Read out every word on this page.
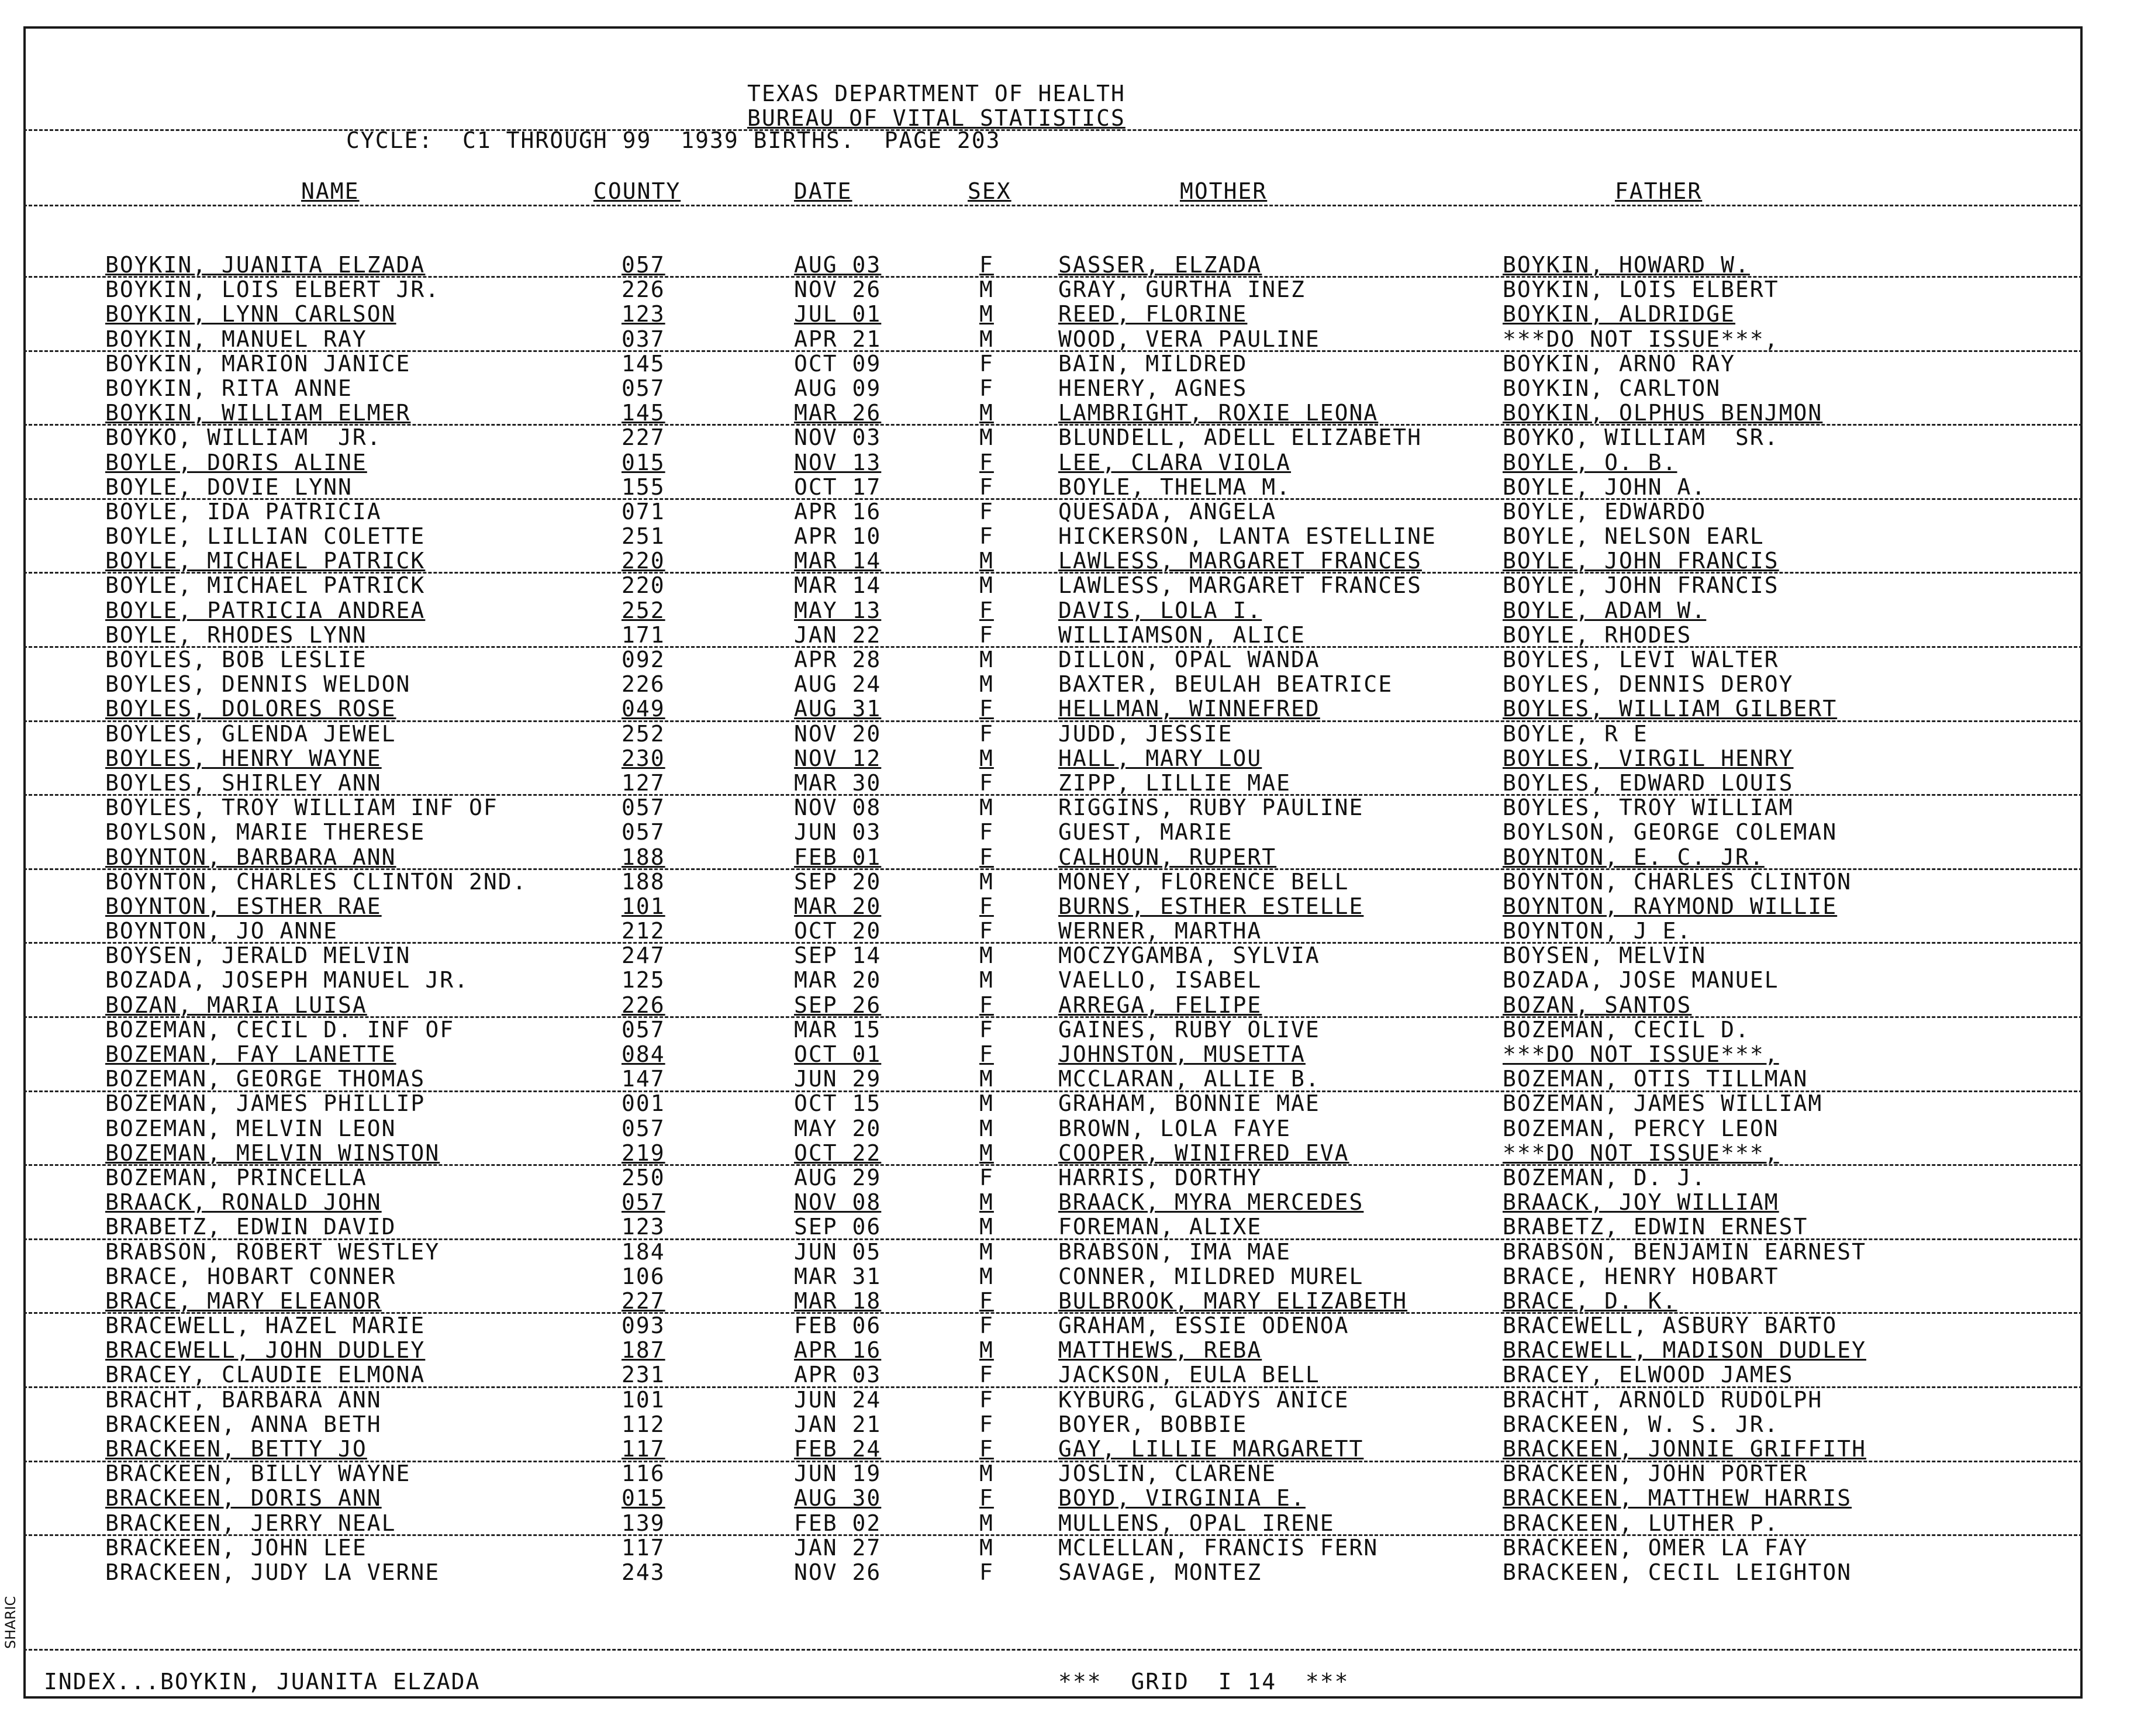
TEXAS DEPARTMENT OF HEALTH
BUREAU OF VITAL STATISTICS
CYCLE:  C1 THROUGH 99  1939 BIRTHS.  PAGE 203
NAME	COUNTY	DATE	SEX	MOTHER	FATHER
BOYKIN, JUANITA ELZADA	057	AUG 03	F	SASSER, ELZADA	BOYKIN, HOWARD W.
BOYKIN, LOIS ELBERT JR.	226	NOV 26	M	GRAY, GURTHA INEZ	BOYKIN, LOIS ELBERT
BOYKIN, LYNN CARLSON	123	JUL 01	M	REED, FLORINE	BOYKIN, ALDRIDGE
BOYKIN, MANUEL RAY	037	APR 21	M	WOOD, VERA PAULINE	***DO NOT ISSUE***,
BOYKIN, MARION JANICE	145	OCT 09	F	BAIN, MILDRED	BOYKIN, ARNO RAY
BOYKIN, RITA ANNE	057	AUG 09	F	HENERY, AGNES	BOYKIN, CARLTON
BOYKIN, WILLIAM ELMER	145	MAR 26	M	LAMBRIGHT, ROXIE LEONA	BOYKIN, OLPHUS BENJMON
BOYKO, WILLIAM  JR.	227	NOV 03	M	BLUNDELL, ADELL ELIZABETH	BOYKO, WILLIAM  SR.
BOYLE, DORIS ALINE	015	NOV 13	F	LEE, CLARA VIOLA	BOYLE, O. B.
BOYLE, DOVIE LYNN	155	OCT 17	F	BOYLE, THELMA M.	BOYLE, JOHN A.
BOYLE, IDA PATRICIA	071	APR 16	F	QUESADA, ANGELA	BOYLE, EDWARDO
BOYLE, LILLIAN COLETTE	251	APR 10	F	HICKERSON, LANTA ESTELLINE	BOYLE, NELSON EARL
BOYLE, MICHAEL PATRICK	220	MAR 14	M	LAWLESS, MARGARET FRANCES	BOYLE, JOHN FRANCIS
BOYLE, MICHAEL PATRICK	220	MAR 14	M	LAWLESS, MARGARET FRANCES	BOYLE, JOHN FRANCIS
BOYLE, PATRICIA ANDREA	252	MAY 13	F	DAVIS, LOLA I.	BOYLE, ADAM W.
BOYLE, RHODES LYNN	171	JAN 22	F	WILLIAMSON, ALICE	BOYLE, RHODES
BOYLES, BOB LESLIE	092	APR 28	M	DILLON, OPAL WANDA	BOYLES, LEVI WALTER
BOYLES, DENNIS WELDON	226	AUG 24	M	BAXTER, BEULAH BEATRICE	BOYLES, DENNIS DEROY
BOYLES, DOLORES ROSE	049	AUG 31	F	HELLMAN, WINNEFRED	BOYLES, WILLIAM GILBERT
BOYLES, GLENDA JEWEL	252	NOV 20	F	JUDD, JESSIE	BOYLE, R E
BOYLES, HENRY WAYNE	230	NOV 12	M	HALL, MARY LOU	BOYLES, VIRGIL HENRY
BOYLES, SHIRLEY ANN	127	MAR 30	F	ZIPP, LILLIE MAE	BOYLES, EDWARD LOUIS
BOYLES, TROY WILLIAM INF OF	057	NOV 08	M	RIGGINS, RUBY PAULINE	BOYLES, TROY WILLIAM
BOYLSON, MARIE THERESE	057	JUN 03	F	GUEST, MARIE	BOYLSON, GEORGE COLEMAN
BOYNTON, BARBARA ANN	188	FEB 01	F	CALHOUN, RUPERT	BOYNTON, E. C. JR.
BOYNTON, CHARLES CLINTON 2ND.	188	SEP 20	M	MONEY, FLORENCE BELL	BOYNTON, CHARLES CLINTON
BOYNTON, ESTHER RAE	101	MAR 20	F	BURNS, ESTHER ESTELLE	BOYNTON, RAYMOND WILLIE
BOYNTON, JO ANNE	212	OCT 20	F	WERNER, MARTHA	BOYNTON, J E.
BOYSEN, JERALD MELVIN	247	SEP 14	M	MOCZYGAMBA, SYLVIA	BOYSEN, MELVIN
BOZADA, JOSEPH MANUEL JR.	125	MAR 20	M	VAELLO, ISABEL	BOZADA, JOSE MANUEL
BOZAN, MARIA LUISA	226	SEP 26	F	ARREGA, FELIPE	BOZAN, SANTOS
BOZEMAN, CECIL D. INF OF	057	MAR 15	F	GAINES, RUBY OLIVE	BOZEMAN, CECIL D.
BOZEMAN, FAY LANETTE	084	OCT 01	F	JOHNSTON, MUSETTA	***DO NOT ISSUE***,
BOZEMAN, GEORGE THOMAS	147	JUN 29	M	MCCLARAN, ALLIE B.	BOZEMAN, OTIS TILLMAN
BOZEMAN, JAMES PHILLIP	001	OCT 15	M	GRAHAM, BONNIE MAE	BOZEMAN, JAMES WILLIAM
BOZEMAN, MELVIN LEON	057	MAY 20	M	BROWN, LOLA FAYE	BOZEMAN, PERCY LEON
BOZEMAN, MELVIN WINSTON	219	OCT 22	M	COOPER, WINIFRED EVA	***DO NOT ISSUE***,
BOZEMAN, PRINCELLA	250	AUG 29	F	HARRIS, DORTHY	BOZEMAN, D. J.
BRAACK, RONALD JOHN	057	NOV 08	M	BRAACK, MYRA MERCEDES	BRAACK, JOY WILLIAM
BRABETZ, EDWIN DAVID	123	SEP 06	M	FOREMAN, ALIXE	BRABETZ, EDWIN ERNEST
BRABSON, ROBERT WESTLEY	184	JUN 05	M	BRABSON, IMA MAE	BRABSON, BENJAMIN EARNEST
BRACE, HOBART CONNER	106	MAR 31	M	CONNER, MILDRED MUREL	BRACE, HENRY HOBART
BRACE, MARY ELEANOR	227	MAR 18	F	BULBROOK, MARY ELIZABETH	BRACE, D. K.
BRACEWELL, HAZEL MARIE	093	FEB 06	F	GRAHAM, ESSIE ODENOA	BRACEWELL, ASBURY BARTO
BRACEWELL, JOHN DUDLEY	187	APR 16	M	MATTHEWS, REBA	BRACEWELL, MADISON DUDLEY
BRACEY, CLAUDIE ELMONA	231	APR 03	F	JACKSON, EULA BELL	BRACEY, ELWOOD JAMES
BRACHT, BARBARA ANN	101	JUN 24	F	KYBURG, GLADYS ANICE	BRACHT, ARNOLD RUDOLPH
BRACKEEN, ANNA BETH	112	JAN 21	F	BOYER, BOBBIE	BRACKEEN, W. S. JR.
BRACKEEN, BETTY JO	117	FEB 24	F	GAY, LILLIE MARGARETT	BRACKEEN, JONNIE GRIFFITH
BRACKEEN, BILLY WAYNE	116	JUN 19	M	JOSLIN, CLARENE	BRACKEEN, JOHN PORTER
BRACKEEN, DORIS ANN	015	AUG 30	F	BOYD, VIRGINIA E.	BRACKEEN, MATTHEW HARRIS
BRACKEEN, JERRY NEAL	139	FEB 02	M	MULLENS, OPAL IRENE	BRACKEEN, LUTHER P.
BRACKEEN, JOHN LEE	117	JAN 27	M	MCLELLAN, FRANCIS FERN	BRACKEEN, OMER LA FAY
BRACKEEN, JUDY LA VERNE	243	NOV 26	F	SAVAGE, MONTEZ	BRACKEEN, CECIL LEIGHTON
INDEX...BOYKIN, JUANITA ELZADA	***  GRID  I 14  ***
SHARIC
